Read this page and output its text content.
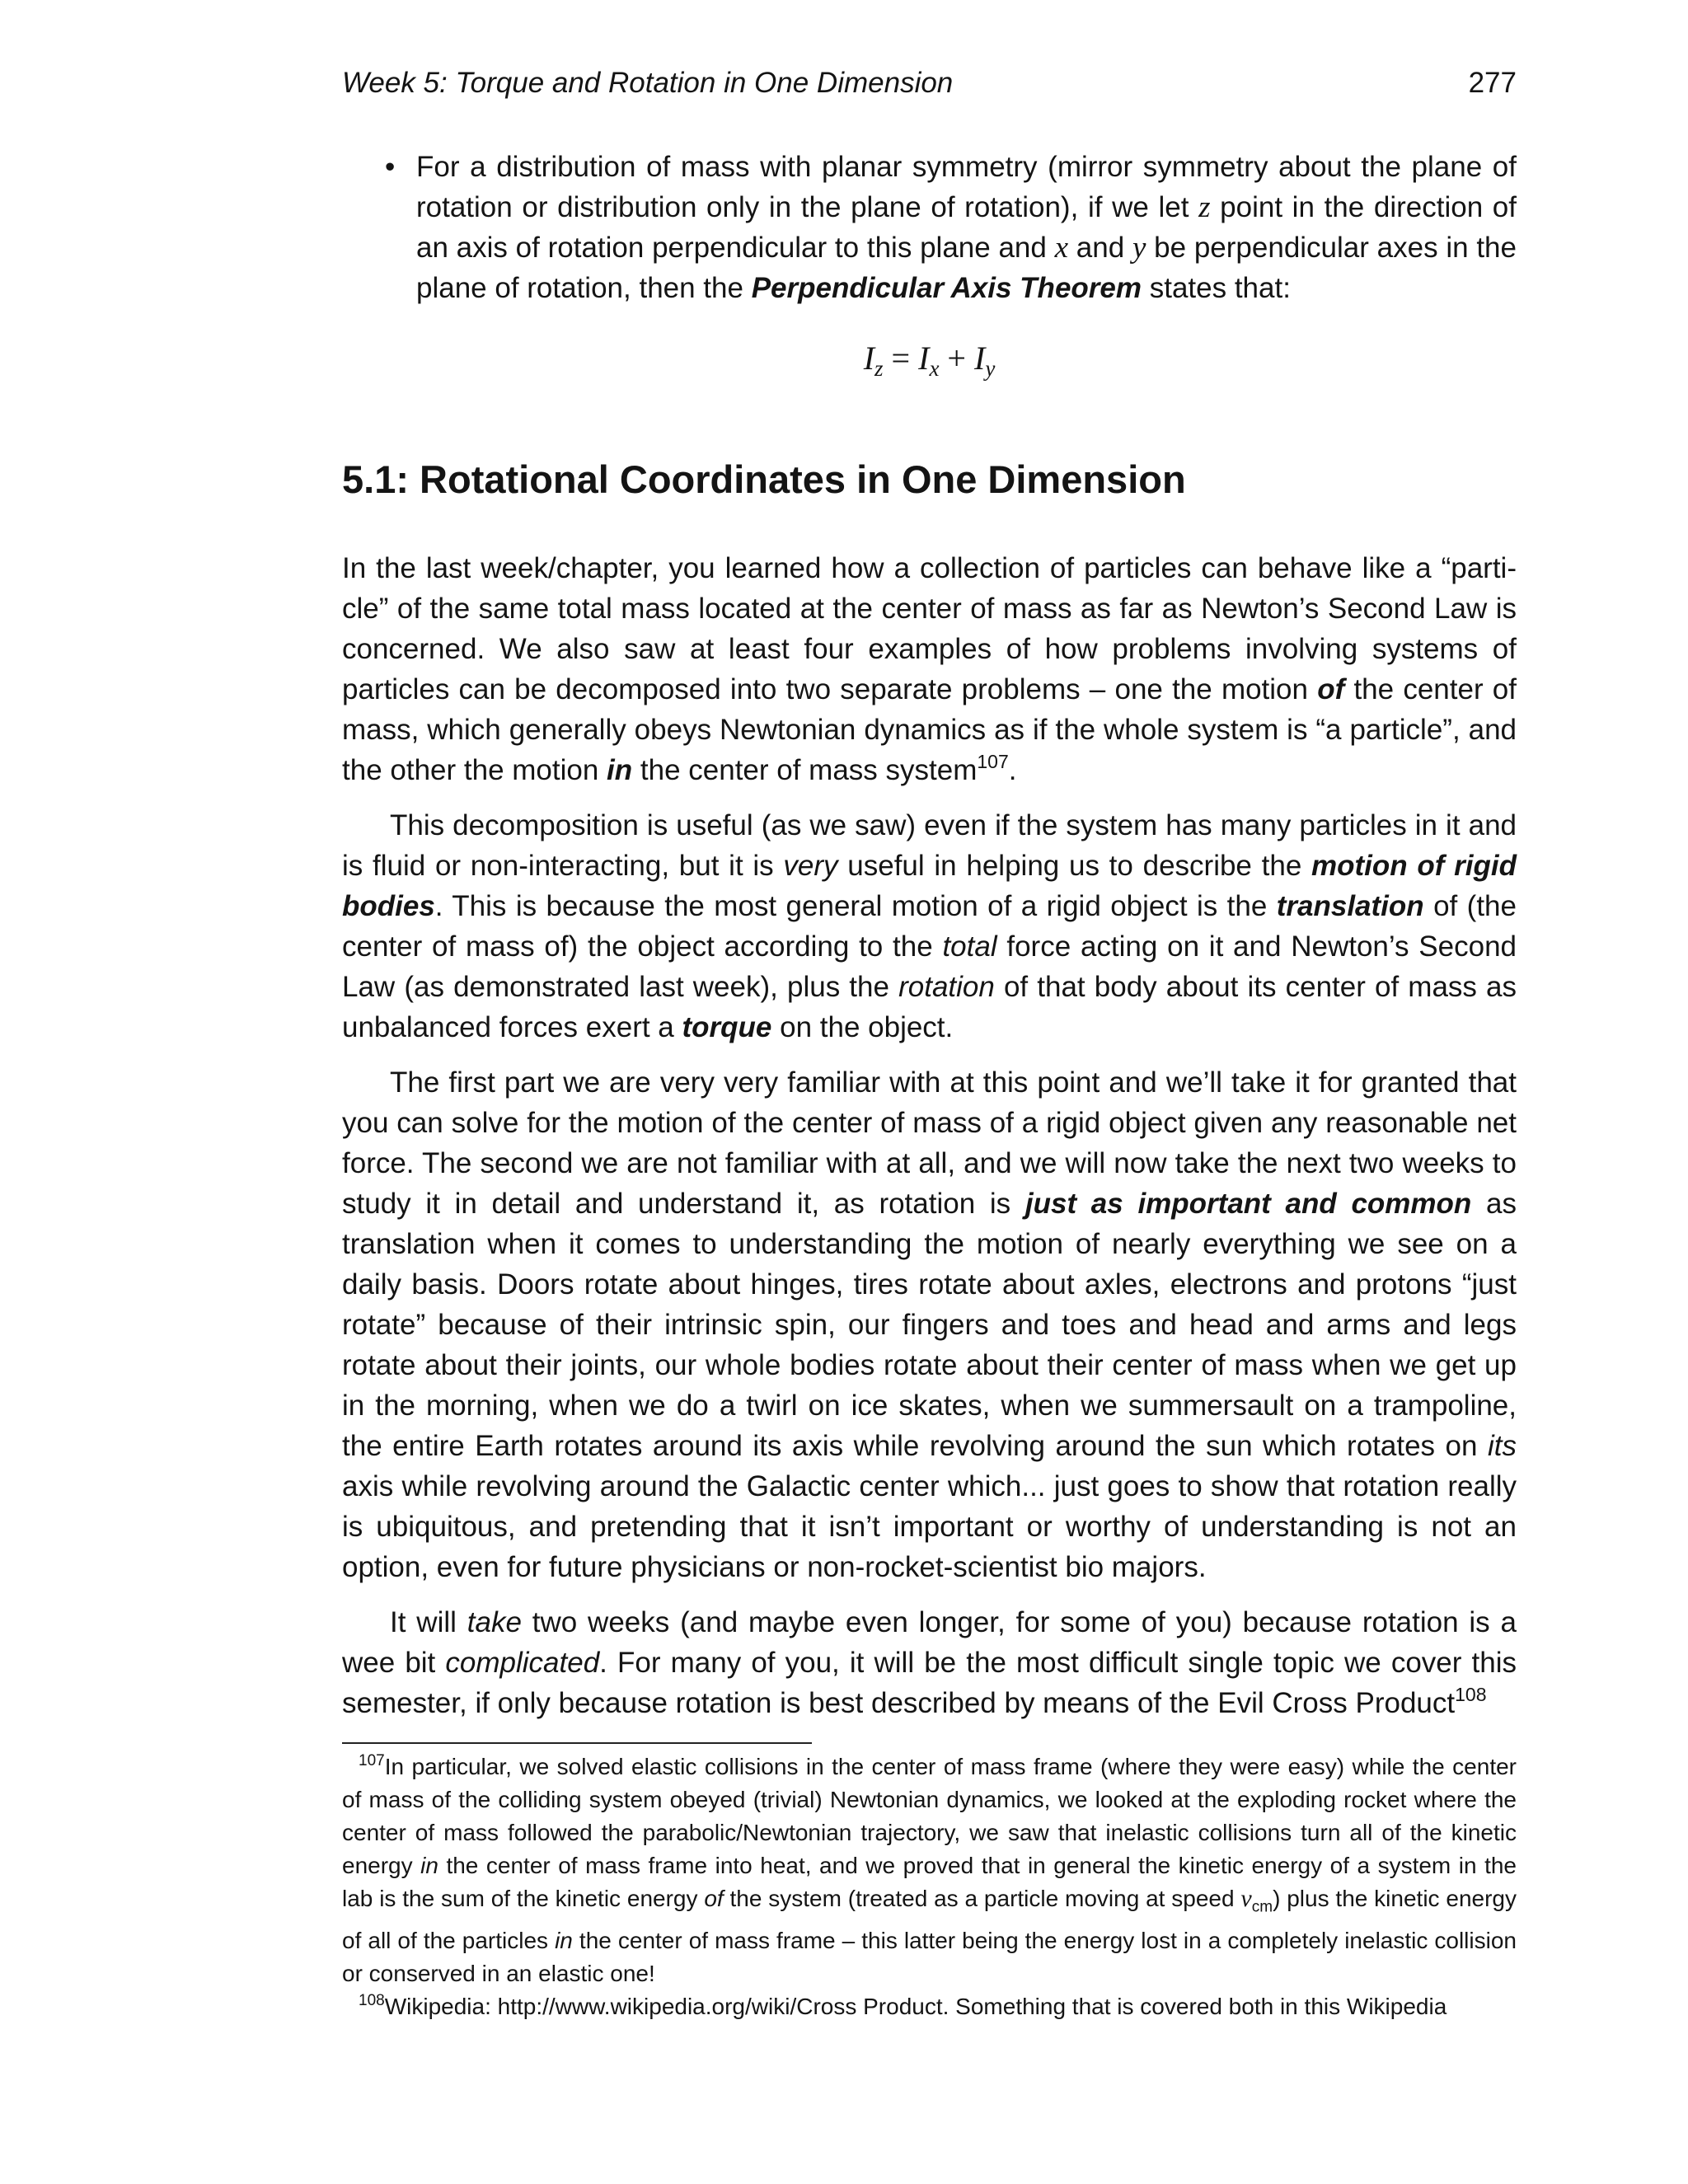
Week 5: Torque and Rotation in One Dimension	277
• For a distribution of mass with planar symmetry (mirror symmetry about the plane of rotation or distribution only in the plane of rotation), if we let z point in the direction of an axis of rotation perpendicular to this plane and x and y be perpendicular axes in the plane of rotation, then the Perpendicular Axis Theorem states that:
$I_z = I_x + I_y$
5.1: Rotational Coordinates in One Dimension

In the last week/chapter, you learned how a collection of particles can behave like a “particle” of the same total mass located at the center of mass as far as Newton’s Second Law is concerned. We also saw at least four examples of how problems involving systems of particles can be decomposed into two separate problems – one the motion of the center of mass, which generally obeys Newtonian dynamics as if the whole system is “a particle”, and the other the motion in the center of mass system$^{107}$.

This decomposition is useful (as we saw) even if the system has many particles in it and is fluid or non-interacting, but it is very useful in helping us to describe the motion of rigid bodies. This is because the most general motion of a rigid object is the translation of (the center of mass of) the object according to the total force acting on it and Newton’s Second Law (as demonstrated last week), plus the rotation of that body about its center of mass as unbalanced forces exert a torque on the object.

The first part we are very very familiar with at this point and we’ll take it for granted that you can solve for the motion of the center of mass of a rigid object given any reasonable net force. The second we are not familiar with at all, and we will now take the next two weeks to study it in detail and understand it, as rotation is just as important and common as translation when it comes to understanding the motion of nearly everything we see on a daily basis. Doors rotate about hinges, tires rotate about axles, electrons and protons “just rotate” because of their intrinsic spin, our fingers and toes and head and arms and legs rotate about their joints, our whole bodies rotate about their center of mass when we get up in the morning, when we do a twirl on ice skates, when we summersault on a trampoline, the entire Earth rotates around its axis while revolving around the sun which rotates on its axis while revolving around the Galactic center which... just goes to show that rotation really is ubiquitous, and pretending that it isn’t important or worthy of understanding is not an option, even for future physicians or non-rocket-scientist bio majors.

It will take two weeks (and maybe even longer, for some of you) because rotation is a wee bit complicated. For many of you, it will be the most difficult single topic we cover this semester, if only because rotation is best described by means of the Evil Cross Product$^{108}$

$^{107}$In particular, we solved elastic collisions in the center of mass frame (where they were easy) while the center of mass of the colliding system obeyed (trivial) Newtonian dynamics, we looked at the exploding rocket where the center of mass followed the parabolic/Newtonian trajectory, we saw that inelastic collisions turn all of the kinetic energy in the center of mass frame into heat, and we proved that in general the kinetic energy of a system in the lab is the sum of the kinetic energy of the system (treated as a particle moving at speed $v_{cm}$) plus the kinetic energy of all of the particles in the center of mass frame – this latter being the energy lost in a completely inelastic collision or conserved in an elastic one!

$^{108}$Wikipedia: http://www.wikipedia.org/wiki/Cross Product. Something that is covered both in this Wikipedia
